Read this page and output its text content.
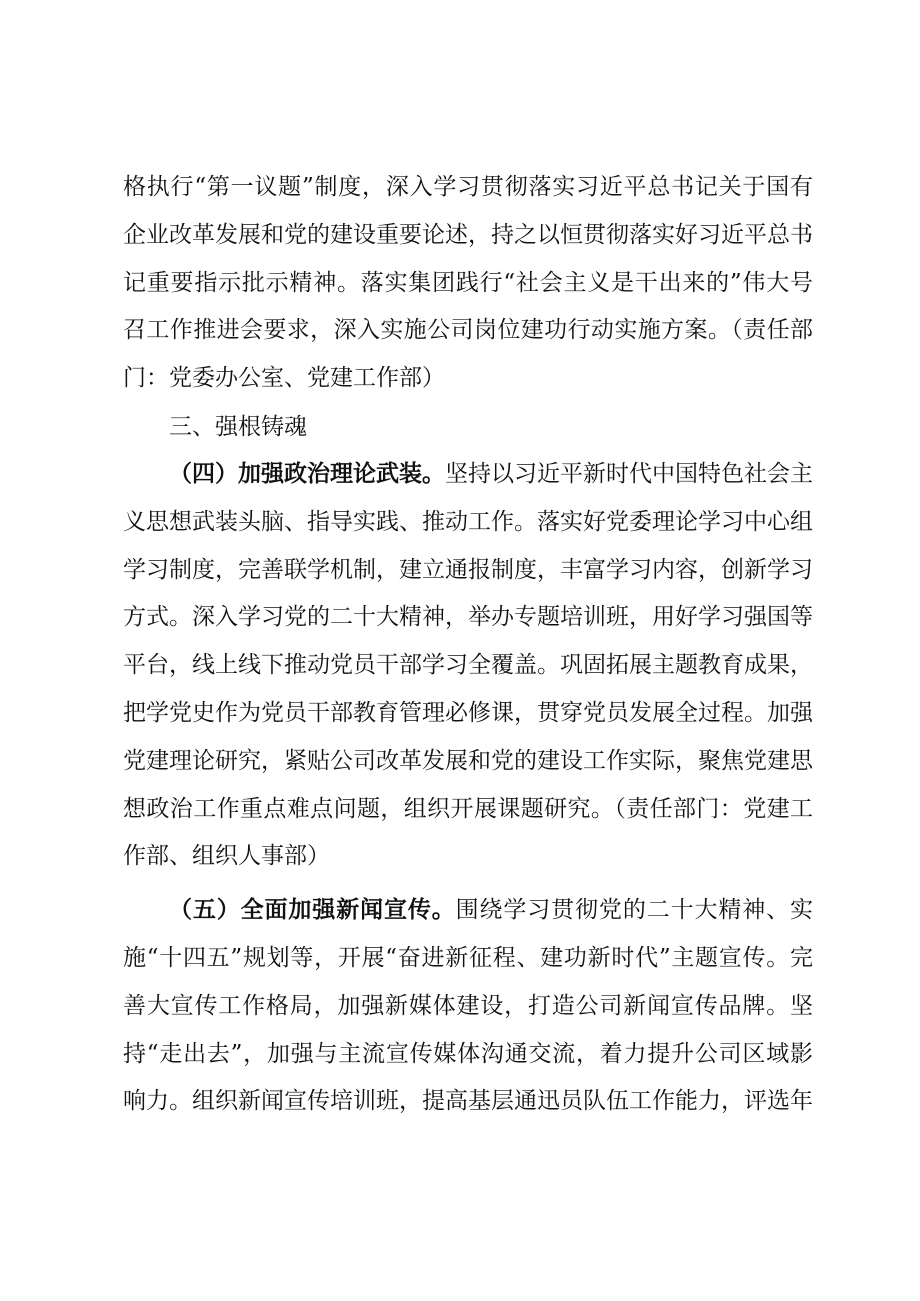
格执行“第一议题”制度，深入学习贯彻落实习近平总书记关于国有企业改革发展和党的建设重要论述，持之以恒贯彻落实好习近平总书记重要指示批示精神。落实集团践行“社会主义是干出来的”伟大号召工作推进会要求，深入实施公司岗位建功行动实施方案。（责任部门：党委办公室、党建工作部）

三、强根铸魂

（四）加强政治理论武装。坚持以习近平新时代中国特色社会主义思想武装头脑、指导实践、推动工作。落实好党委理论学习中心组学习制度，完善联学机制，建立通报制度，丰富学习内容，创新学习方式。深入学习党的二十大精神，举办专题培训班，用好学习强国等平台，线上线下推动党员干部学习全覆盖。巩固拓展主题教育成果，把学党史作为党员干部教育管理必修课，贯穿党员发展全过程。加强党建理论研究，紧贴公司改革发展和党的建设工作实际，聚焦党建思想政治工作重点难点问题，组织开展课题研究。（责任部门：党建工作部、组织人事部）

（五）全面加强新闻宣传。围绕学习贯彻党的二十大精神、实施“十四五”规划等，开展“奋进新征程、建功新时代”主题宣传。完善大宣传工作格局，加强新媒体建设，打造公司新闻宣传品牌。坚持“走出去”，加强与主流宣传媒体沟通交流，着力提升公司区域影响力。组织新闻宣传培训班，提高基层通迅员队伍工作能力，评选年
